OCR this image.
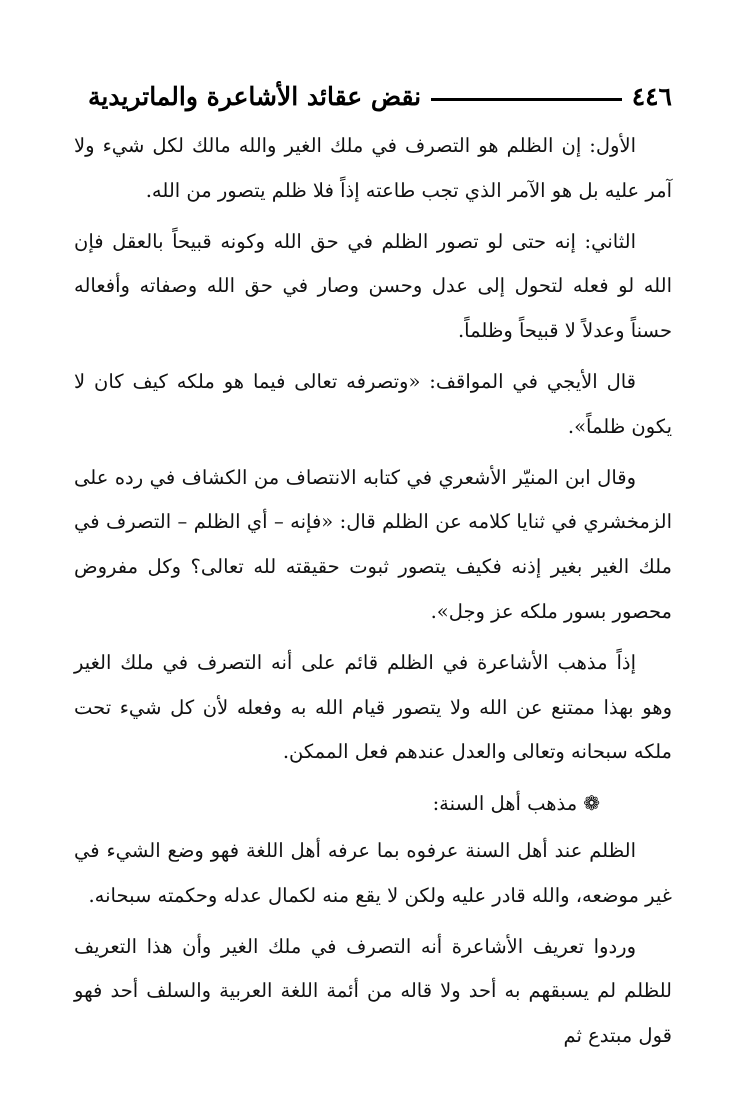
٤٤٦
نقض عقائد الأشاعرة والماتريدية

الأول: إن الظلم هو التصرف في ملك الغير والله مالك لكل شيء ولا آمر عليه بل هو الآمر الذي تجب طاعته إذاً فلا ظلم يتصور من الله.

الثاني: إنه حتى لو تصور الظلم في حق الله وكونه قبيحاً بالعقل فإن الله لو فعله لتحول إلى عدل وحسن وصار في حق الله وصفاته وأفعاله حسناً وعدلاً لا قبيحاً وظلماً.

قال الأيجي في المواقف: «وتصرفه تعالى فيما هو ملكه كيف كان لا يكون ظلماً».

وقال ابن المنيّر الأشعري في كتابه الانتصاف من الكشاف في رده على الزمخشري في ثنايا كلامه عن الظلم قال: «فإنه – أي الظلم – التصرف في ملك الغير بغير إذنه فكيف يتصور ثبوت حقيقته لله تعالى؟ وكل مفروض محصور بسور ملكه عز وجل».

إذاً مذهب الأشاعرة في الظلم قائم على أنه التصرف في ملك الغير وهو بهذا ممتنع عن الله ولا يتصور قيام الله به وفعله لأن كل شيء تحت ملكه سبحانه وتعالى والعدل عندهم فعل الممكن.

❁مذهب أهل السنة:

الظلم عند أهل السنة عرفوه بما عرفه أهل اللغة فهو وضع الشيء في غير موضعه، والله قادر عليه ولكن لا يقع منه لكمال عدله وحكمته سبحانه.

وردوا تعريف الأشاعرة أنه التصرف في ملك الغير وأن هذا التعريف للظلم لم يسبقهم به أحد ولا قاله من أئمة اللغة العربية والسلف أحد فهو قول مبتدع ثم
